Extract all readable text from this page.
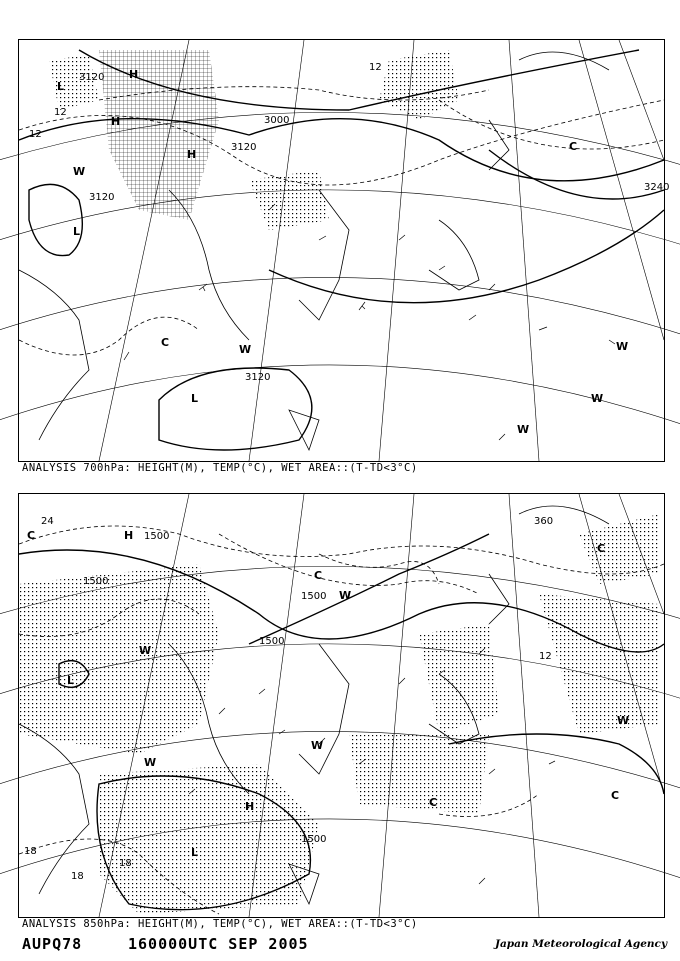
3120
3120
3120
3000
3120
3240
12
12
12
L
H
H
H
L
L
C
C
W
W
W
W
W
ANALYSIS 700hPa: HEIGHT(M), TEMP(°C), WET AREA::(T-TD<3°C)
1500
1500
1500
1500
1500
24
18
18
18
12
360
H
C
L
W
C
W
W
W
H
L
C
C
W
C
ANALYSIS 850hPa: HEIGHT(M), TEMP(°C), WET AREA::(T-TD<3°C)
AUPQ78	160000UTC SEP 2005	Japan Meteorological Agency
